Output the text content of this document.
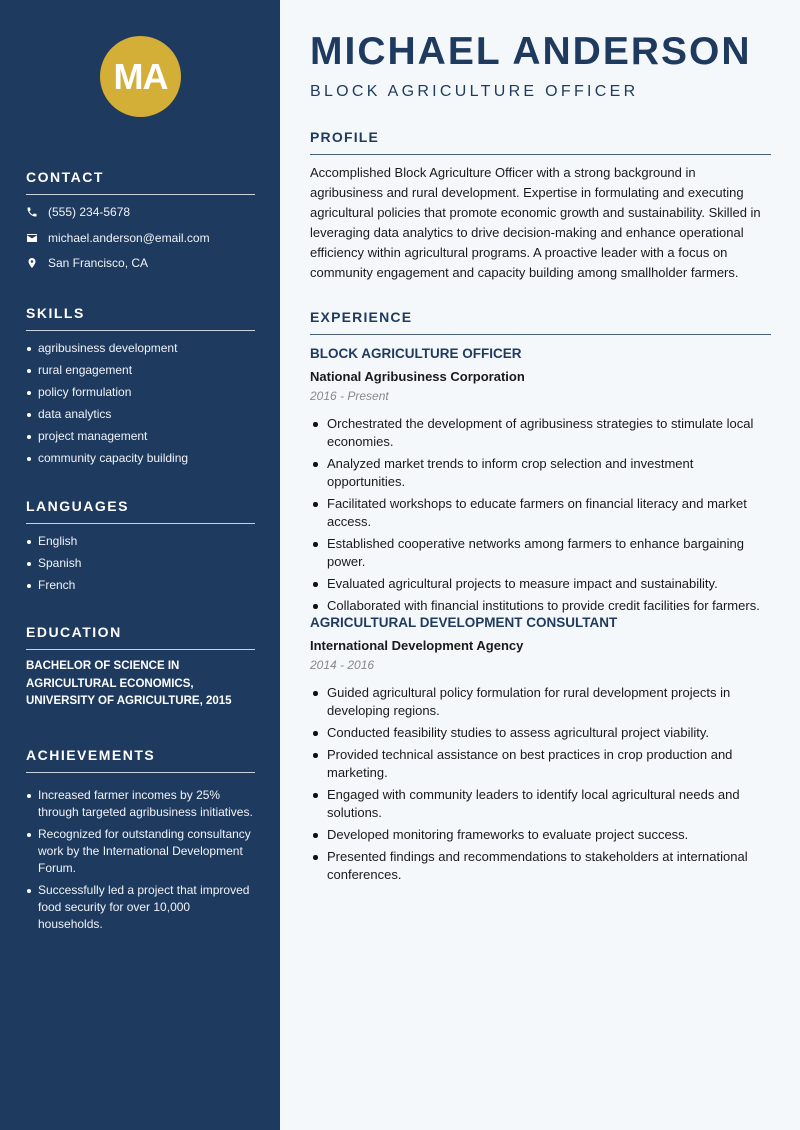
MA
CONTACT
(555) 234-5678
michael.anderson@email.com
San Francisco, CA
SKILLS
agribusiness development
rural engagement
policy formulation
data analytics
project management
community capacity building
LANGUAGES
English
Spanish
French
EDUCATION
BACHELOR OF SCIENCE IN AGRICULTURAL ECONOMICS, UNIVERSITY OF AGRICULTURE, 2015
ACHIEVEMENTS
Increased farmer incomes by 25% through targeted agribusiness initiatives.
Recognized for outstanding consultancy work by the International Development Forum.
Successfully led a project that improved food security for over 10,000 households.
MICHAEL ANDERSON
BLOCK AGRICULTURE OFFICER
PROFILE
Accomplished Block Agriculture Officer with a strong background in agribusiness and rural development. Expertise in formulating and executing agricultural policies that promote economic growth and sustainability. Skilled in leveraging data analytics to drive decision-making and enhance operational efficiency within agricultural programs. A proactive leader with a focus on community engagement and capacity building among smallholder farmers.
EXPERIENCE
BLOCK AGRICULTURE OFFICER
National Agribusiness Corporation
2016 - Present
Orchestrated the development of agribusiness strategies to stimulate local economies.
Analyzed market trends to inform crop selection and investment opportunities.
Facilitated workshops to educate farmers on financial literacy and market access.
Established cooperative networks among farmers to enhance bargaining power.
Evaluated agricultural projects to measure impact and sustainability.
Collaborated with financial institutions to provide credit facilities for farmers.
AGRICULTURAL DEVELOPMENT CONSULTANT
International Development Agency
2014 - 2016
Guided agricultural policy formulation for rural development projects in developing regions.
Conducted feasibility studies to assess agricultural project viability.
Provided technical assistance on best practices in crop production and marketing.
Engaged with community leaders to identify local agricultural needs and solutions.
Developed monitoring frameworks to evaluate project success.
Presented findings and recommendations to stakeholders at international conferences.
